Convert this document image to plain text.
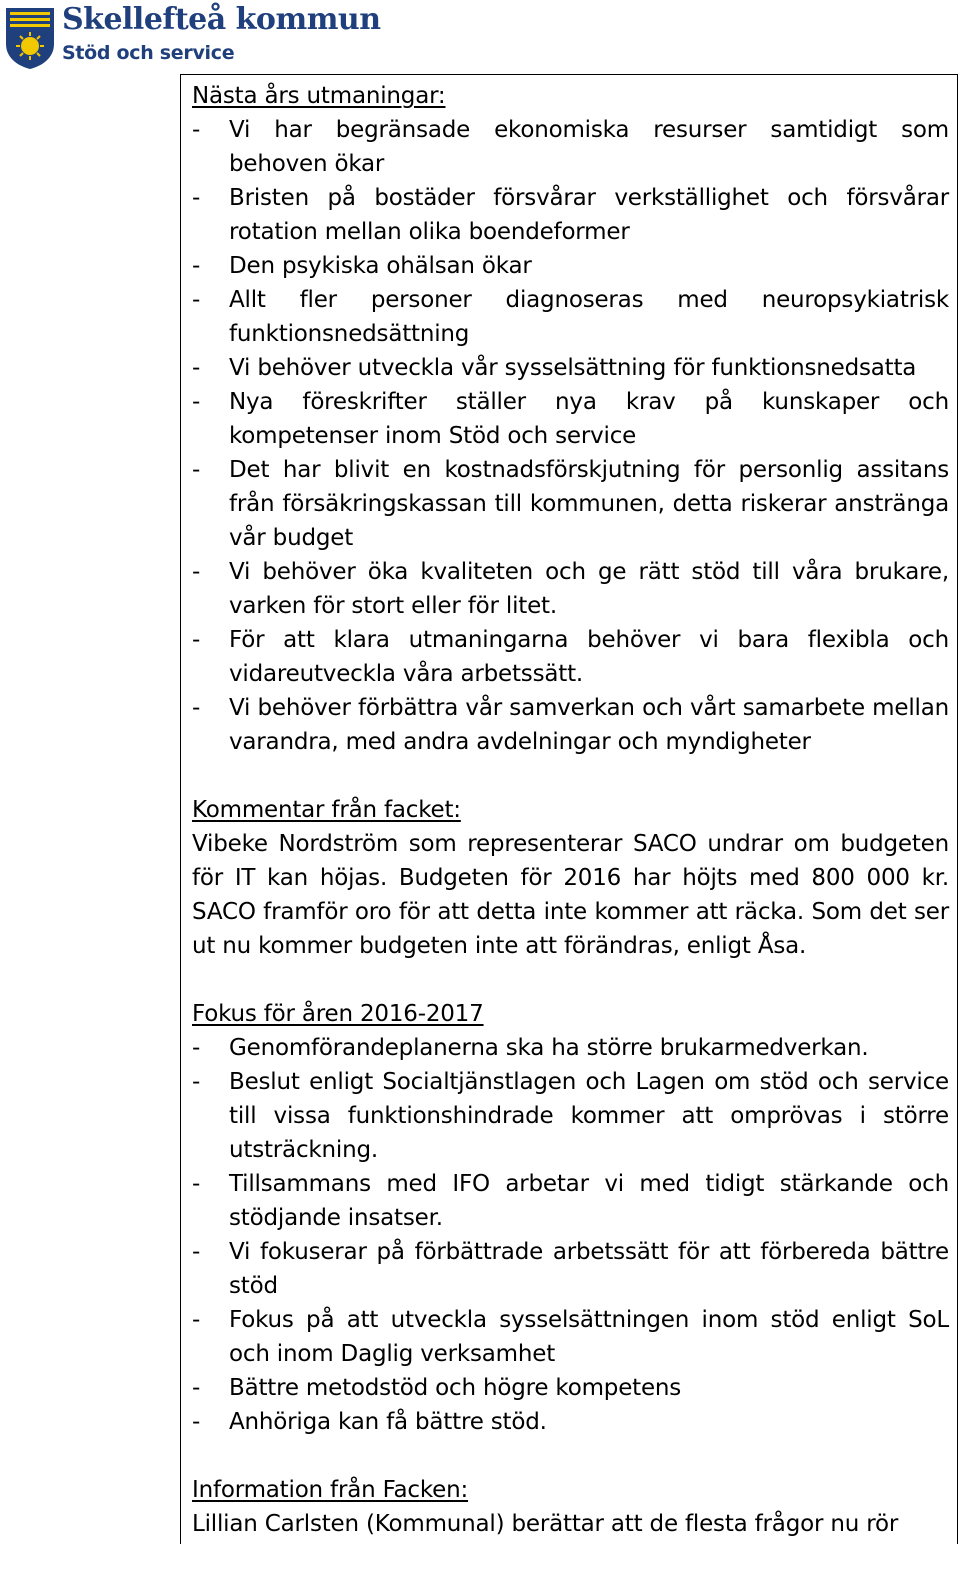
Skellefteå kommun
Stöd och service
Nästa års utmaningar:
- Vi har begränsade ekonomiska resurser samtidigt som behoven ökar
- Bristen på bostäder försvårar verkställighet och försvårar rotation mellan olika boendeformer
- Den psykiska ohälsan ökar
- Allt fler personer diagnoseras med neuropsykiatrisk funktionsnedsättning
- Vi behöver utveckla vår sysselsättning för funktionsnedsatta
- Nya föreskrifter ställer nya krav på kunskaper och kompetenser inom Stöd och service
- Det har blivit en kostnadsförskjutning för personlig assitans från försäkringskassan till kommunen, detta riskerar anstränga vår budget
- Vi behöver öka kvaliteten och ge rätt stöd till våra brukare, varken för stort eller för litet.
- För att klara utmaningarna behöver vi bara flexibla och vidareutveckla våra arbetssätt.
- Vi behöver förbättra vår samverkan och vårt samarbete mellan varandra, med andra avdelningar och myndigheter
Kommentar från facket:
Vibeke Nordström som representerar SACO undrar om budgeten för IT kan höjas. Budgeten för 2016 har höjts med 800 000 kr. SACO framför oro för att detta inte kommer att räcka. Som det ser ut nu kommer budgeten inte att förändras, enligt Åsa.
Fokus för åren 2016-2017
- Genomförandeplanerna ska ha större brukarmedverkan.
- Beslut enligt Socialtjänstlagen och Lagen om stöd och service till vissa funktionshindrade kommer att omprövas i större utsträckning.
- Tillsammans med IFO arbetar vi med tidigt stärkande och stödjande insatser.
- Vi fokuserar på förbättrade arbetssätt för att förbereda bättre stöd
- Fokus på att utveckla sysselsättningen inom stöd enligt SoL och inom Daglig verksamhet
- Bättre metodstöd och högre kompetens
- Anhöriga kan få bättre stöd.
Information från Facken:
Lillian Carlsten (Kommunal) berättar att de flesta frågor nu rör
